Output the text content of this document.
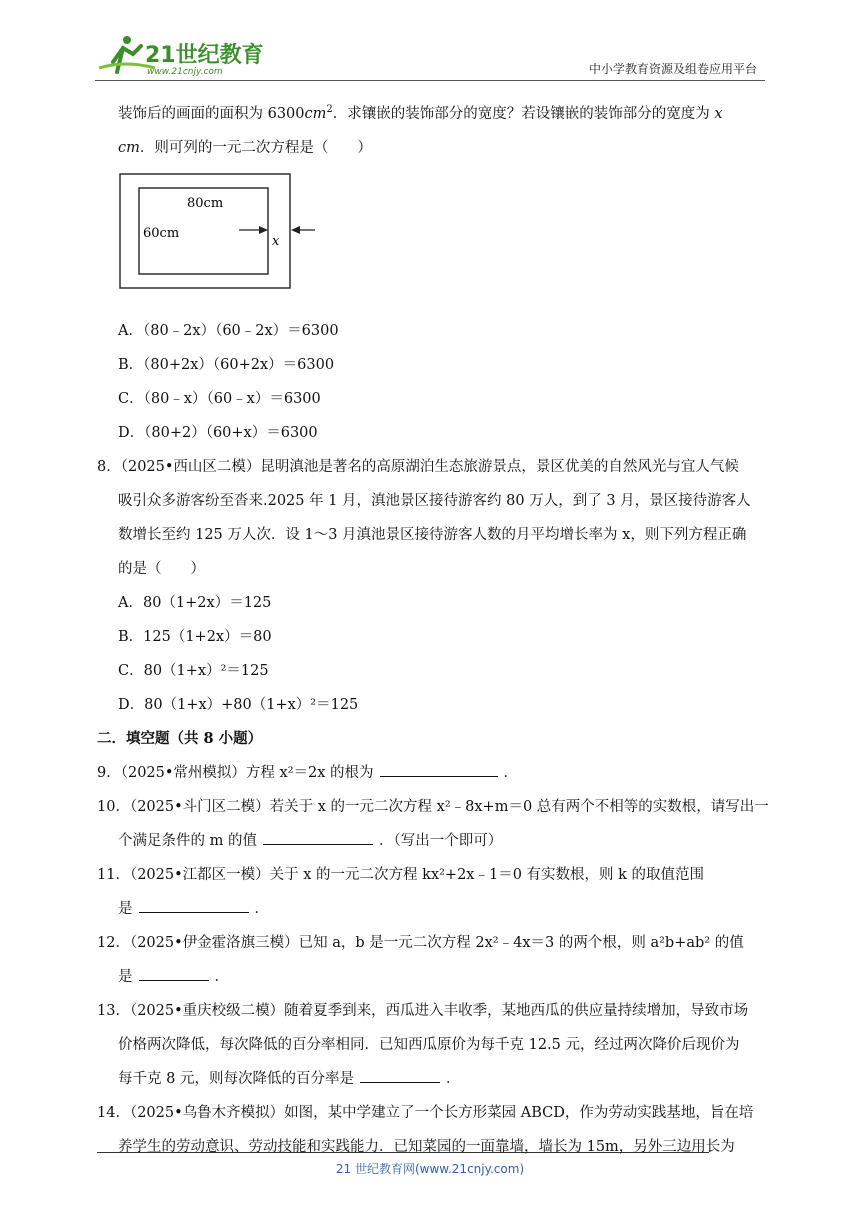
21世纪教育
www.21cnjy.com	中小学教育资源及组卷应用平台
装饰后的画面的面积为 $6300cm^2$．求镶嵌的装饰部分的宽度？若设镶嵌的装饰部分的宽度为 x
cm．则可列的一元二次方程是（　　）
80cm
60cm
x
A．（80﹣2x）（60﹣2x）＝6300
B．（80+2x）（60+2x）＝6300
C．（80﹣x）（60﹣x）＝6300
D．（80+2）（60+x）＝6300
8．（2025•西山区二模）昆明滇池是著名的高原湖泊生态旅游景点，景区优美的自然风光与宜人气候
吸引众多游客纷至沓来.2025 年 1 月，滇池景区接待游客约 80 万人，到了 3 月，景区接待游客人
数增长至约 125 万人次．设 1～3 月滇池景区接待游客人数的月平均增长率为 x，则下列方程正确
的是（　　）
A．80（1+2x）＝125
B．125（1+2x）＝80
C．80（1+x）²＝125
D．80（1+x）+80（1+x）²＝125
二．填空题（共 8 小题）
9．（2025•常州模拟）方程 x²＝2x 的根为	．
10．（2025•斗门区二模）若关于 x 的一元二次方程 x²﹣8x+m＝0 总有两个不相等的实数根，请写出一
个满足条件的 m 的值	．（写出一个即可）
11．（2025•江都区一模）关于 x 的一元二次方程 kx²+2x﹣1＝0 有实数根，则 k 的取值范围
是	．
12．（2025•伊金霍洛旗三模）已知 a，b 是一元二次方程 2x²﹣4x＝3 的两个根，则 a²b+ab² 的值
是	．
13．（2025•重庆校级二模）随着夏季到来，西瓜进入丰收季，某地西瓜的供应量持续增加，导致市场
价格两次降低，每次降低的百分率相同．已知西瓜原价为每千克 12.5 元，经过两次降价后现价为
每千克 8 元，则每次降低的百分率是	．
14．（2025•乌鲁木齐模拟）如图，某中学建立了一个长方形菜园 ABCD，作为劳动实践基地，旨在培
养学生的劳动意识、劳动技能和实践能力．已知菜园的一面靠墙，墙长为 15m，另外三边用长为
21 世纪教育网(www.21cnjy.com)
